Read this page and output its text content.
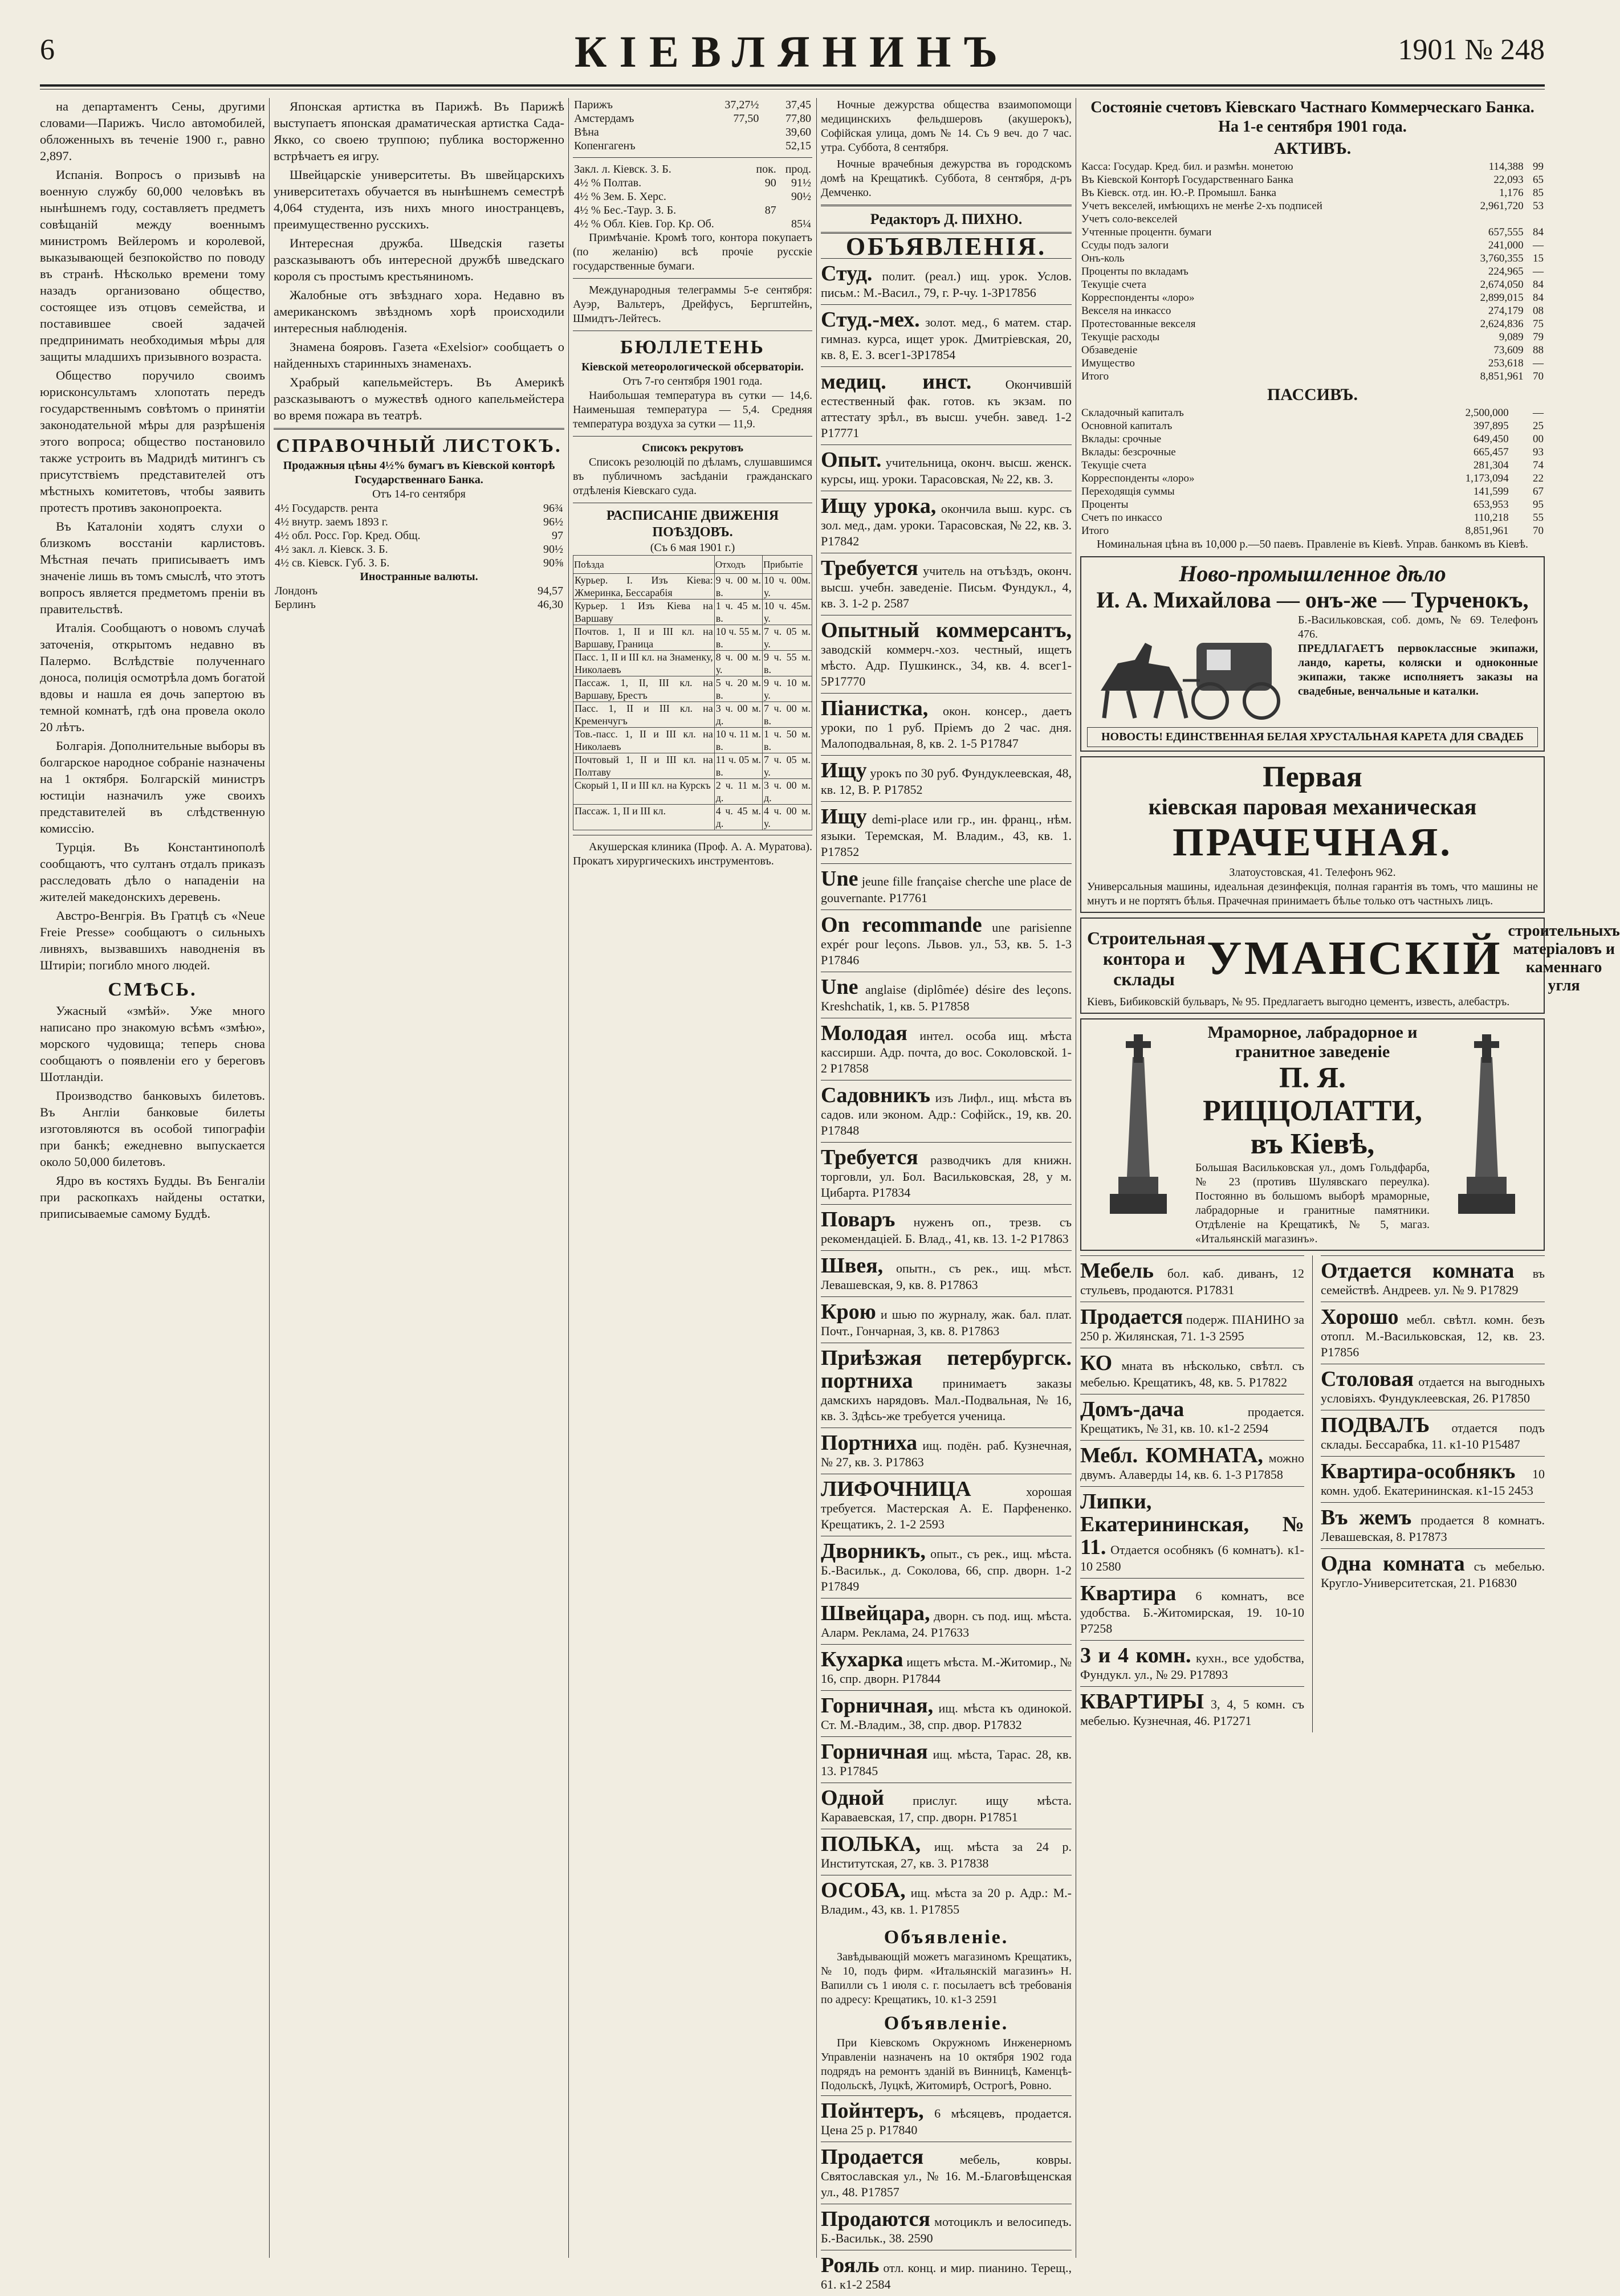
6	КІЕВЛЯНИНЪ	1901 № 248

на департаментъ Сены, другими словами—Парижъ. Число автомобилей, обложенныхъ въ теченіе 1900 г., равно 2,897.

Испанія. Вопросъ о призывѣ на военную службу 60,000 человѣкъ въ нынѣшнемъ году, составляетъ предметъ совѣщаній между военнымъ министромъ Вейлеромъ и королевой, выказывающей безпокойство по поводу въ странѣ. Нѣсколько времени тому назадъ организовано общество, состоящее изъ отцовъ семейства, и поставившее своей задачей предпринимать необходимыя мѣры для защиты младшихъ призывного возраста.

Общество поручило своимъ юрисконсультамъ хлопотать передъ государственнымъ совѣтомъ о принятіи законодательной мѣры для разрѣшенія этого вопроса; общество постановило также устроить въ Мадридѣ митингъ съ присутствіемъ представителей отъ мѣстныхъ комитетовъ, чтобы заявить протестъ противъ законопроекта.

Въ Каталоніи ходятъ слухи о близкомъ восстаніи карлистовъ. Мѣстная печать приписываетъ имъ значеніе лишь въ томъ смыслѣ, что этотъ вопросъ является предметомъ преніи въ правительствѣ.

Италія. Сообщаютъ о новомъ случаѣ заточенія, открытомъ недавно въ Палермо. Вслѣдствіе полученнаго доноса, полиція осмотрѣла домъ богатой вдовы и нашла ея дочь запертою въ темной комнатѣ, гдѣ она провела около 20 лѣтъ.

Болгарія. Дополнительные выборы въ болгарское народное собраніе назначены на 1 октября. Болгарскій министръ юстиціи назначилъ уже своихъ представителей въ слѣдственную комиссію.

Турція. Въ Константинополѣ сообщаютъ, что султанъ отдалъ приказъ расследовать дѣло о нападеніи на жителей македонскихъ деревень.

Австро-Венгрія. Въ Гратцѣ съ «Neue Freie Presse» сообщаютъ о сильныхъ ливняхъ, вызвавшихъ наводненія въ Штиріи; погибло много людей.

СМѢСЬ.

Ужасный «змѣй». Уже много написано про знакомую всѣмъ «змѣю», морского чудовища; теперь снова сообщаютъ о появленіи его у береговъ Шотландіи.

Производство банковыхъ билетовъ. Въ Англіи банковые билеты изготовляются въ особой типографіи при банкѣ; ежедневно выпускается около 50,000 билетовъ.

Ядро въ костяхъ Будды. Въ Бенгаліи при раскопкахъ найдены остатки, приписываемые самому Буддѣ.

Японская артистка въ Парижѣ. Въ Парижѣ выступаетъ японская драматическая артистка Сада-Якко, со своею труппою; публика восторженно встрѣчаетъ ея игру.

Швейцарскіе университеты. Въ швейцарскихъ университетахъ обучается въ нынѣшнемъ семестрѣ 4,064 студента, изъ нихъ много иностранцевъ, преимущественно русскихъ.

Интересная дружба. Шведскія газеты разсказываютъ объ интересной дружбѣ шведскаго короля съ простымъ крестьяниномъ.

Жалобные отъ звѣзднаго хора. Недавно въ американскомъ звѣздномъ хорѣ происходили интересныя наблюденія.

Знамена бояровъ. Газета «Exelsior» сообщаетъ о найденныхъ старинныхъ знаменахъ.

Храбрый капельмейстеръ. Въ Америкѣ разсказываютъ о мужествѣ одного капельмейстера во время пожара въ театрѣ.

СПРАВОЧНЫЙ ЛИСТОКЪ.
Продажныя цѣны 4½% бумагъ въ Кіевской конторѣ Государственнаго Банка.
Отъ 14-го сентября
4½ Государств. рента	96¾
4½ внутр. заемъ 1893 г.	96½
4½ обл. Росс. Гор. Кред. Общ.	97
4½ закл. л. Кіевск. З. Б.	90½
4½ св. Кіевск. Губ. З. Б.	90⅝
Иностранные валюты.
Лондонъ	94,57
Берлинъ	46,30
Парижъ	37,27½	37,45
Амстердамъ	77,50	77,80
Вѣна		39,60
Копенгагенъ		52,15
Закл. л. Кіевск. З. Б.	пок.	прод.
4½ % Полтав.	90	91½
4½ % Зем. Б. Херс.		90½
4½ % Бес.-Таур. З. Б.	87	
4½ % Обл. Кіев. Гор. Кр. Об.		85¼

Примѣчаніе. Кромѣ того, контора покупаетъ (по желанію) всѣ прочіе русскіе государственные бумаги.

Международныя телеграммы 5-е сентября: Ауэр, Вальтеръ, Дрейфусъ, Бергштейнъ, Шмидтъ-Лейтесъ.

БЮЛЛЕТЕНЬ
Кіевской метеорологической обсерваторіи.
Отъ 7-го сентября 1901 года.

Наибольшая температура въ сутки — 14,6. Наименьшая температура — 5,4. Средняя температура воздуха за сутки — 11,9.

Списокъ рекрутовъ

Списокъ резолюцій по дѣламъ, слушавшимся въ публичномъ засѣданіи гражданскаго отдѣленія Кіевскаго суда.

РАСПИСАНІЕ ДВИЖЕНІЯ ПОѢЗДОВЪ.
(Съ 6 мая 1901 г.)
Поѣзда	Отходъ	Прибытіе
Курьер. I. Изъ Кіева: Жмеринка, Бессарабія	9 ч. 00 м. в.	10 ч. 00м. у.
Курьер. 1 Изъ Кіева на Варшаву	1 ч. 45 м. в.	10 ч. 45м. у.
Почтов. 1, II и III кл. на Варшаву, Граница	10 ч. 55 м. в.	7 ч. 05 м. у.
Пасс. 1, II и III кл. на Знаменку, Николаевъ	8 ч. 00 м. у.	9 ч. 55 м. в.
Пассаж. 1, II, III кл. на Варшаву, Брестъ	5 ч. 20 м. в.	9 ч. 10 м. у.
Пасс. 1, II и III кл. на Кременчугъ	3 ч. 00 м. д.	7 ч. 00 м. в.
Тов.-пасс. 1, II и III кл. на Николаевъ	10 ч. 11 м. в.	1 ч. 50 м. в.
Почтовый 1, II и III кл. на Полтаву	11 ч. 05 м. в.	7 ч. 05 м. у.
Скорый 1, II и III кл. на Курскъ	2 ч. 11 м. д.	3 ч. 00 м. д.
Пассаж. 1, II и III кл.	4 ч. 45 м. д.	4 ч. 00 м. у.

Акушерская клиника (Проф. А. А. Муратова). Прокатъ хирургическихъ инструментовъ.

Ночные дежурства общества взаимопомощи медицинскихъ фельдшеровъ (акушерокъ), Софійская улица, домъ № 14. Съ 9 веч. до 7 час. утра. Суббота, 8 сентября.

Ночные врачебныя дежурства въ городскомъ домѣ на Крещатикѣ. Суббота, 8 сентября, д-ръ Демченко.

Редакторъ Д. ПИХНО.
ОБЪЯВЛЕНІЯ.
Студ. полит. (реал.) ищ. урок. Услов. письм.: М.-Васил., 79, г. Р-чу. 1-3Р17856
Студ.-мех. золот. мед., 6 матем. стар. гимназ. курса, ищет урок. Дмитріевская, 20, кв. 8, Е. З. всег1-3Р17854
медиц. инст.	Окончившій естественный фак. готов. къ экзам. по аттестату зрѣл., въ высш. учебн. завед. 1-2 Р17771
Опыт. учительница, оконч. высш. женск. курсы, ищ. уроки. Тарасовская, № 22, кв. 3.
Ищу урока, окончила выш. курс. съ зол. мед., дам. уроки. Тарасовская, № 22, кв. 3. Р17842
Требуется учитель на отъѣздъ, оконч. высш. учебн. заведеніе. Письм. Фундукл., 4, кв. 3. 1-2 р. 2587
Опытный коммерсантъ, заводскій коммерч.-хоз. честный, ищетъ мѣсто. Адр. Пушкинск., 34, кв. 4. всег1-5Р17770
Піанистка, окон. консер., даетъ уроки, по 1 руб. Пріемъ до 2 час. дня. Малоподвальная, 8, кв. 2. 1-5 Р17847
Ищу урокъ по 30 руб. Фундуклеевская, 48, кв. 12, В. Р. Р17852
Ищу demi-place или гр., ин. франц., нѣм. языки. Теремская, М. Владим., 43, кв. 1. Р17852
Une jeune fille française cherche une place de gouvernante. Р17761
On recommande une parisienne expér pour leçons. Львов. ул., 53, кв. 5. 1-3 Р17846
Une anglaise (diplômée) désire des leçons. Kreshchatik, 1, кв. 5. Р17858
Молодая интел. особа ищ. мѣста кассирши. Адр. почта, до вос. Соколовской. 1-2 Р17858
Садовникъ изъ Лифл., ищ. мѣста въ садов. или эконом. Адр.: Софійск., 19, кв. 20. Р17848
Требуется разводчикъ для книжн. торговли, ул. Бол. Васильковская, 28, у м. Цибарта. Р17834
Поваръ нуженъ оп., трезв. съ рекомендаціей. Б. Влад., 41, кв. 13. 1-2 Р17863
Швея, опытн., съ рек., ищ. мѣст. Левашевская, 9, кв. 8. Р17863
Крою и шью по журналу, жак. бал. плат. Почт., Гончарная, 3, кв. 8. Р17863
Приѣзжая петербургск. портниха принимаетъ заказы дамскихъ нарядовъ. Мал.-Подвальная, № 16, кв. 3. Здѣсь-же требуется ученица.
Портниха ищ. подён. раб. Кузнечная, № 27, кв. 3. Р17863
ЛИФОЧНИЦА	хорошая требуется. Мастерская А. Е. Парфененко. Крещатикъ, 2. 1-2 2593
Дворникъ, опыт., съ рек., ищ. мѣста. Б.-Васильк., д. Соколова, 66, спр. дворн. 1-2 Р17849
Швейцара, дворн. съ под. ищ. мѣста. Аларм. Реклама, 24. Р17633
Кухарка ищетъ мѣста. М.-Житомир., № 16, спр. дворн. Р17844
Горничная, ищ. мѣста къ одинокой. Ст. М.-Владим., 38, спр. двор. Р17832
Горничная ищ. мѣста, Тарас. 28, кв. 13. Р17845
Одной прислуг. ищу мѣста. Караваевская, 17, спр. дворн. Р17851
ПОЛЬКА, ищ. мѣста за 24 р. Институтская, 27, кв. 3. Р17838
ОСОБА, ищ. мѣста за 20 р. Адр.: М.-Владим., 43, кв. 1. Р17855
Объявленіе.

Завѣдывающій можетъ магазиномъ Крещатикъ, № 10, подъ фирм. «Итальянскій магазинъ» Н. Вапилли съ 1 июля с. г. посылаетъ всѣ требованія по адресу: Крещатикъ, 10. к1-3 2591

Объявленіе.

При Кіевскомъ Окружномъ Инженерномъ Управленіи назначенъ на 10 октября 1902 года подрядъ на ремонтъ зданій въ Винницѣ, Каменцѣ-Подольскѣ, Луцкѣ, Житомирѣ, Острогѣ, Ровно.

Пойнтеръ, 6 мѣсяцевъ, продается. Цена 25 р. Р17840
Продается	мебель, ковры. Святославская ул., № 16. М.-Благовѣщенская ул., 48. Р17857
Продаются мотоциклъ и велосипедъ. Б.-Васильк., 38. 2590
Рояль отл. конц. и мир. пианино. Терещ., 61. к1-2 2584
Состояніе счетовъ Кіевскаго Частнаго Коммерческаго Банка. На 1-е сентября 1901 года.
АКТИВЪ.
Касса: Госудaр. Кред. бил. и размѣн. монетою	114,388	99
Въ Кіевской Конторѣ Государственнаго Банка	22,093	65
Въ Кіевск. отд. ин. Ю.-Р. Промышл. Банка	1,176	85
Учетъ векселей, имѣющихъ не менѣе 2-хъ подписей	2,961,720	53
Учетъ соло-векселей		
Учтенные процентн. бумаги	657,555	84
Ссуды подъ залоги	241,000	—
Онъ-коль	3,760,355	15
Проценты по вкладамъ	224,965	—
Текущіе счета	2,674,050	84
Корреспонденты «лоро»	2,899,015	84
Векселя на инкассо	274,179	08
Протестованные векселя	2,624,836	75
Текущіе расходы	9,089	79
Обзаведеніе	73,609	88
Имущество	253,618	—
Итого	8,851,961	70
ПАССИВЪ.
Складочный капиталъ	2,500,000	—
Основной капиталъ	397,895	25
Вклады: срочные	649,450	00
Вклады: безсрочные	665,457	93
Текущіе счета	281,304	74
Корреспонденты «лоро»	1,173,094	22
Переходящія суммы	141,599	67
Проценты	653,953	95
Счетъ по инкассо	110,218	55
Итого	8,851,961	70
Номинальная цѣна въ 10,000 р.—50 паевъ. Правленіе въ Кіевѣ. Управ. банкомъ въ Кіевѣ.
Ново-промышленное дѣло
И. А. Михайлова — онъ-же — Турченокъ,
Б.-Васильковская, соб. домъ, № 69. Телефонъ 476.
ПРЕДЛАГАЕТЪ первоклассные экипажи, ландо, кареты, коляски и одноконные экипажи, также исполняетъ заказы на свадебные, венчальные и каталки.
НОВОСТЬ! ЕДИНСТВЕННАЯ БЕЛАЯ ХРУСТАЛЬНАЯ КАРЕТА ДЛЯ СВАДЕБ
Первая
кіевская паровая механическая
ПРАЧЕЧНАЯ.
Златоустовская, 41. Телефонъ 962.
Универсальныя машины, идеальная дезинфекція, полная гарантія въ томъ, что машины не мнутъ и не портятъ бѣлья. Прачечная принимаетъ бѣлье только отъ частныхъ лицъ.
Строительная контора и склады УМАНСКІЙ
строительныхъ матеріаловъ и каменнаго угля
Кіевъ, Бибиковскій бульваръ, № 95. Предлагаетъ выгодно цементъ, известь, алебастръ.
Мраморное, лабрадорное и гранитное заведеніе
П. Я. РИЦЦОЛАТТИ, въ Кіевѣ,
Большая Васильковская ул., домъ Гольдфарба, № 23 (противъ Шулявскаго переулка). Постоянно въ большомъ выборѣ мраморные, лабрадорные и гранитные памятники. Отдѣленіе на Крещатикѣ, № 5, магаз. «Итальянскій магазинъ».
Мебель бол. каб. диванъ, 12 стульевъ, продаются. Р17831
Продается подерж. ПІАНИНО за 250 р. Жилянская, 71. 1-3 2595
КО мната въ нѣсколько, свѣтл. съ мебелью. Крещатикъ, 48, кв. 5. Р17822
Домъ-дача	продается. Крещатикъ, № 31, кв. 10. к1-2 2594
Мебл. КОМНАТА, можно двумъ. Алаверды 14, кв. 6. 1-3 Р17858
Липки, Екатерининская, № 11. Отдается особнякъ (6 комнатъ). к1-10 2580
Квартира 6 комнатъ, все удобства. Б.-Житомирская, 19. 10-10 Р7258
3 и 4 комн. кухн., все удобства, Фундукл. ул., № 29. Р17893
КВАРТИРЫ 3, 4, 5 комн. съ мебелью. Кузнечная, 46. Р17271
Отдается комната въ семействѣ. Андреев. ул. № 9. Р17829
Хорошо мебл. свѣтл. комн. безъ отопл. М.-Васильковская, 12, кв. 23. Р17856
Столовая отдается на выгодныхъ условіяхъ. Фундуклеевская, 26. Р17850
ПОДВАЛЪ отдается подъ склады. Бессарабка, 11. к1-10 Р15487
Квартира-особнякъ 10 комн. удоб. Екатерининская. к1-15 2453
Въ жемъ продается 8 комнатъ. Левашевская, 8. Р17873
Одна комната съ мебелью. Кругло-Университетская, 21. Р16830
